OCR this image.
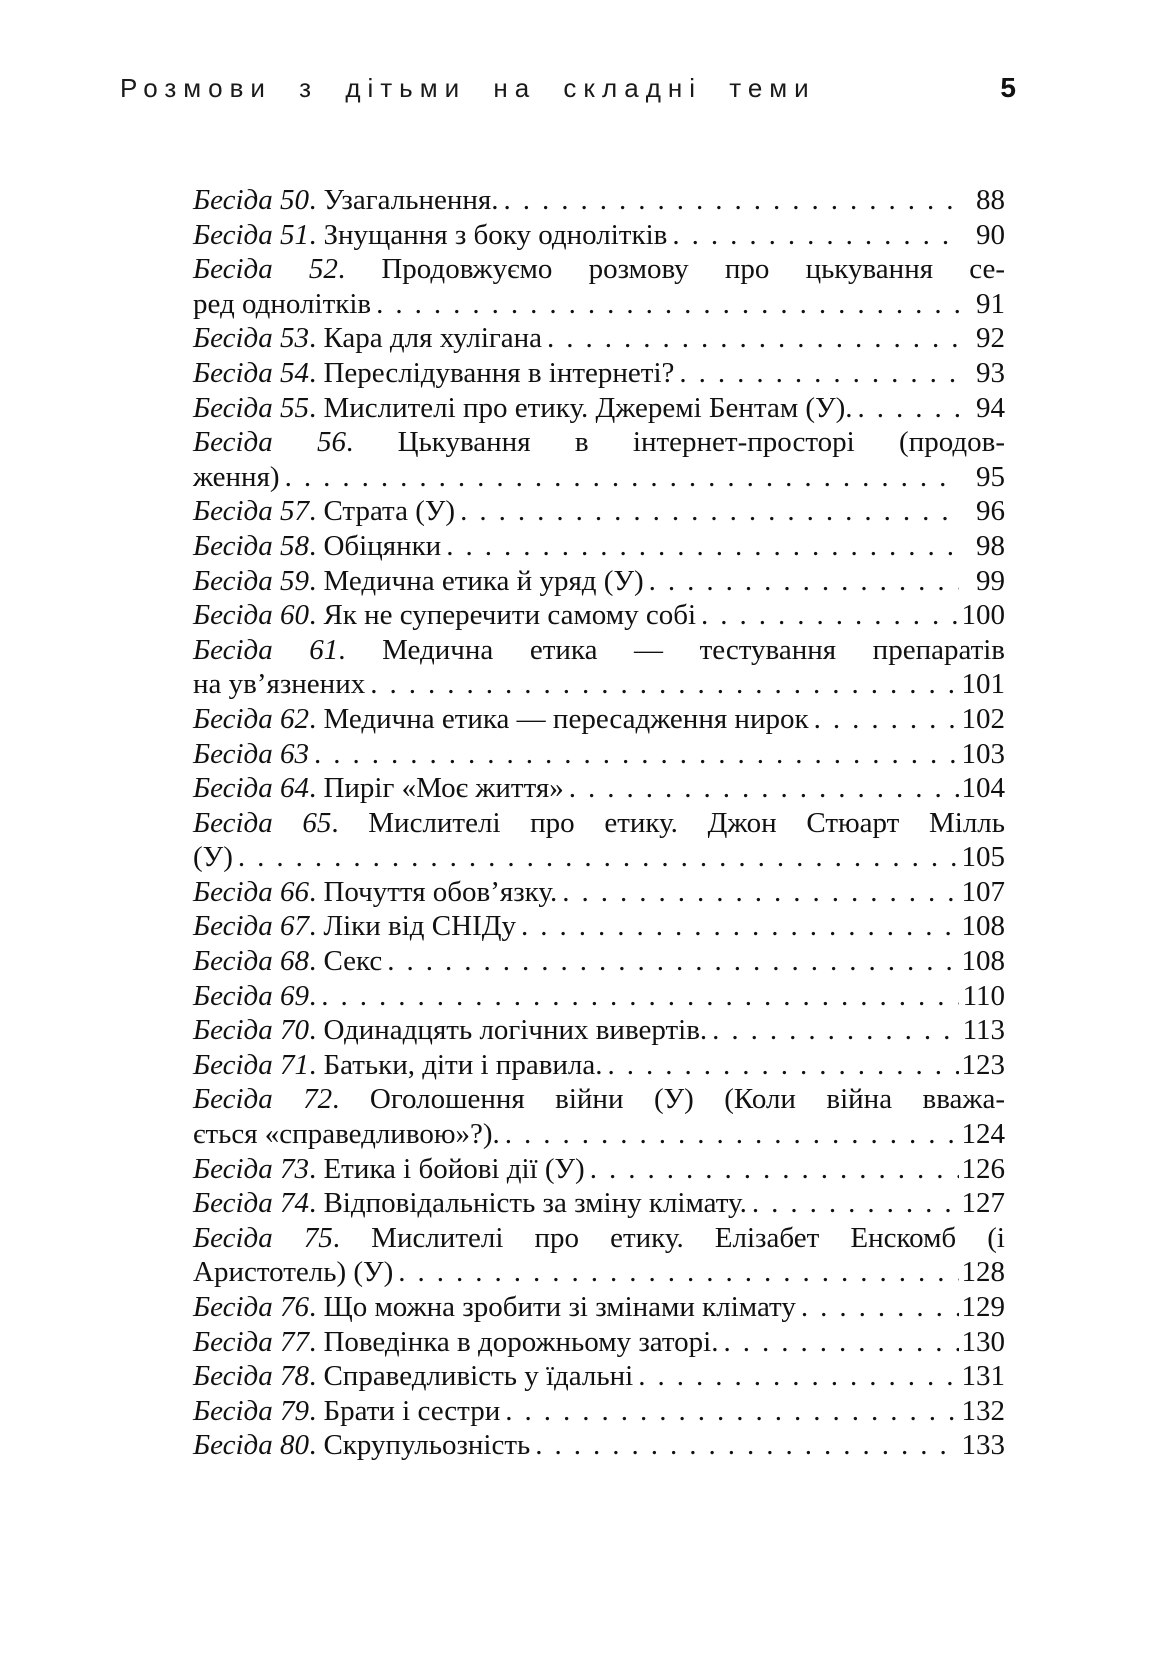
Розмови з дітьми на складні теми	5
Бесіда 50. Узагальнення. .....	88
Бесіда 51. Знущання з боку однолітків .....	90
Бесіда 52. Продовжуємо розмову про цькування се-
ред однолітків .....	91
Бесіда 53. Кара для хулігана .....	92
Бесіда 54. Переслідування в інтернеті? .....	93
Бесіда 55. Мислителі про етику. Джеремі Бентам (У). .....	94
Бесіда 56. Цькування в інтернет-просторі (продов-
ження) .....	95
Бесіда 57. Страта (У) .....	96
Бесіда 58. Обіцянки .....	98
Бесіда 59. Медична етика й уряд (У) .....	99
Бесіда 60. Як не суперечити самому собі .....	100
Бесіда 61. Медична етика — тестування препаратів
на ув’язнених .....	101
Бесіда 62. Медична етика — пересадження нирок .....	102
Бесіда 63 .....	103
Бесіда 64. Пиріг «Моє життя» .....	104
Бесіда 65. Мислителі про етику. Джон Стюарт Мілль
(У) .....	105
Бесіда 66. Почуття обов’язку. .....	107
Бесіда 67. Ліки від СНІДу .....	108
Бесіда 68. Секс .....	108
Бесіда 69. .....	110
Бесіда 70. Одинадцять логічних вивертів. .....	113
Бесіда 71. Батьки, діти і правила. .....	123
Бесіда 72. Оголошення війни (У) (Коли війна вважа-
ється «справедливою»?). .....	124
Бесіда 73. Етика і бойові дії (У) .....	126
Бесіда 74. Відповідальність за зміну клімату. .....	127
Бесіда 75. Мислителі про етику. Елізабет Енскомб (і
Аристотель) (У) .....	128
Бесіда 76. Що можна зробити зі змінами клімату .....	129
Бесіда 77. Поведінка в дорожньому заторі. .....	130
Бесіда 78. Справедливість у їдальні .....	131
Бесіда 79. Брати і сестри .....	132
Бесіда 80. Скрупульозність .....	133
